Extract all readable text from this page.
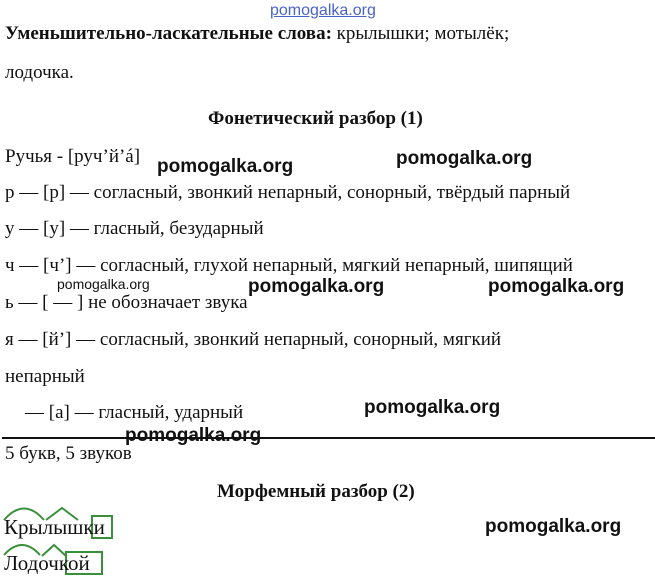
pomogalka.org
Уменьшительно-ласкательные слова: крылышки; мотылёк;
лодочка.
Фонетический разбор (1)
Ручья - [руч’й’á]
р — [р] — согласный, звонкий непарный, сонорный, твёрдый парный
у — [у] — гласный, безударный
ч — [ч’] — согласный, глухой непарный, мягкий непарный, шипящий
ь — [ — ] не обозначает звука
я — [й’] — согласный, звонкий непарный, сонорный, мягкий
непарный
— [а] — гласный, ударный
5 букв, 5 звуков
Морфемный разбор (2)
Крылышки
Лодочкой
pomogalka.org	pomogalka.org
pomogalka.org	pomogalka.org	pomogalka.org
pomogalka.org
pomogalka.org
pomogalka.org
